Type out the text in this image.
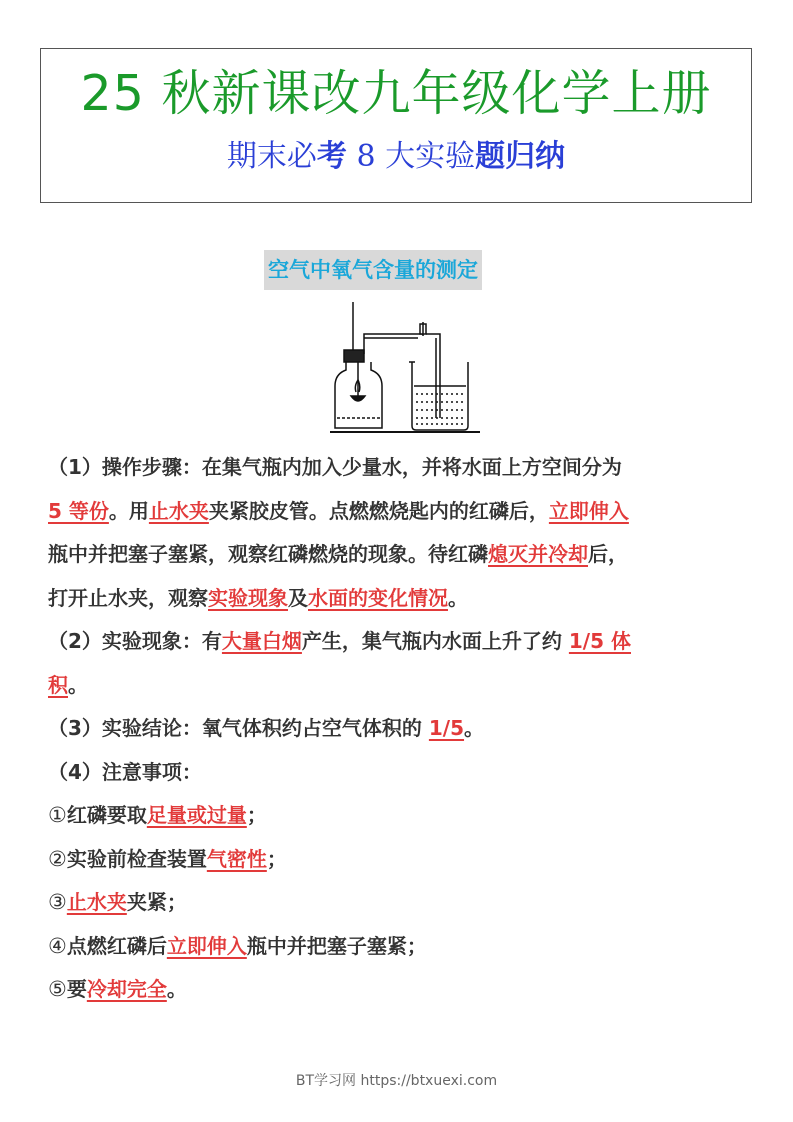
25 秋新课改九年级化学上册
期末必考 8 大实验题归纳
空气中氧气含量的测定
（1）操作步骤：在集气瓶内加入少量水，并将水面上方空间分为
5 等份。用止水夹夹紧胶皮管。点燃燃烧匙内的红磷后，立即伸入
瓶中并把塞子塞紧，观察红磷燃烧的现象。待红磷熄灭并冷却后，
打开止水夹，观察实验现象及水面的变化情况。
（2）实验现象：有大量白烟产生，集气瓶内水面上升了约 1/5 体
积。
（3）实验结论：氧气体积约占空气体积的 1/5。
（4）注意事项：
①红磷要取足量或过量；
②实验前检查装置气密性；
③止水夹夹紧；
④点燃红磷后立即伸入瓶中并把塞子塞紧；
⑤要冷却完全。
BT学习网 https://btxuexi.com
